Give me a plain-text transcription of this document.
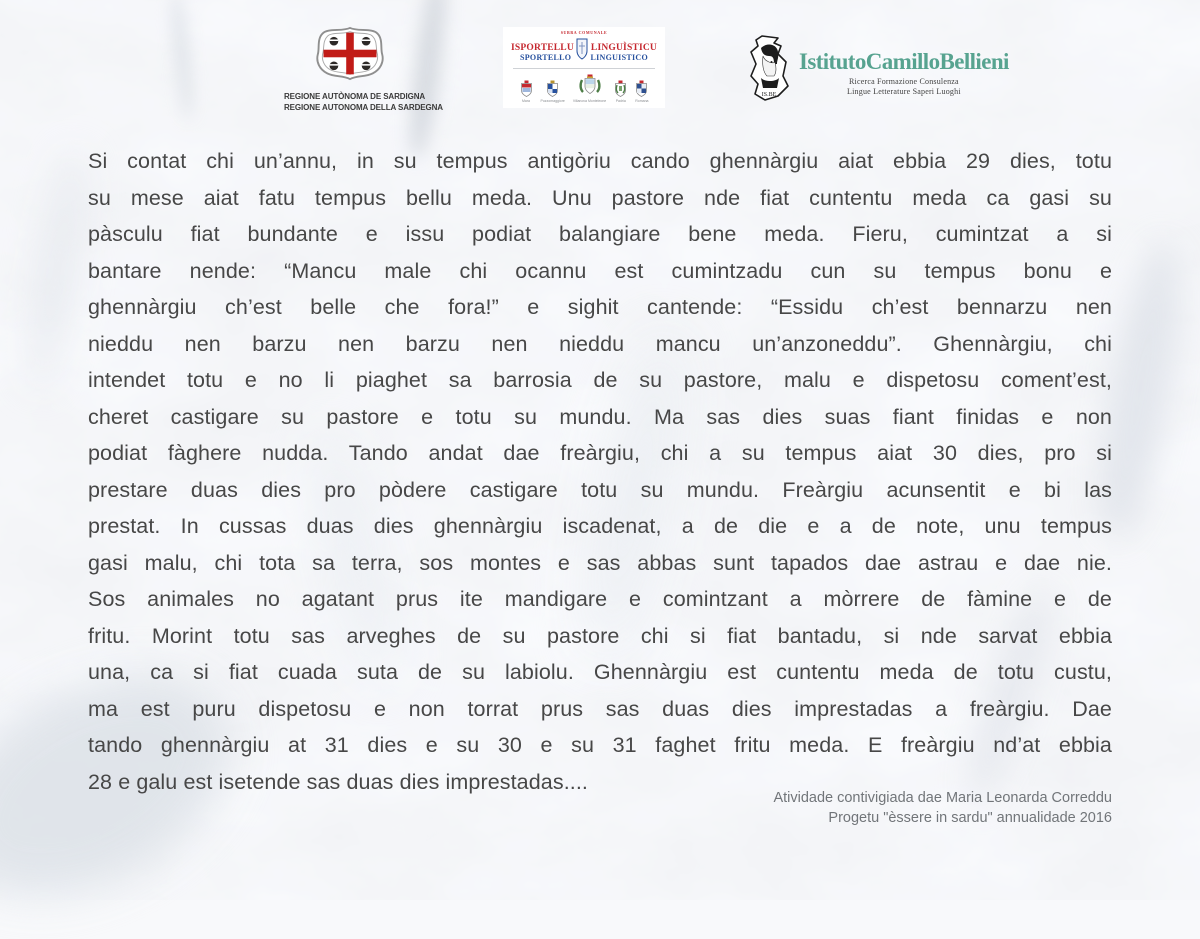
REGIONE AUTÒNOMA DE SARDIGNA
REGIONE AUTONOMA DELLA SARDEGNA
SUBRA COMUNALE
ISPORTELLU LINGUÌSTICU
SPORTELLO LINGUISTICO
Mara	Pozzomaggiore Villanova Monteleone	Padria	Romana
IS.BE
IstitutoCamilloBellieni
Ricerca Formazione Consulenza
Lingue Letterature Saperi Luoghi
Si contat chi un’annu, in su tempus antigòriu cando ghennàrgiu aiat ebbia 29 dies, totu
su mese aiat fatu tempus bellu meda. Unu pastore nde fiat cuntentu meda ca gasi su
pàsculu fiat bundante e issu podiat balangiare bene meda. Fieru, cumintzat a si
bantare nende: “Mancu male chi ocannu est cumintzadu cun su tempus bonu e
ghennàrgiu ch’est belle che fora!” e sighit cantende: “Essidu ch’est bennarzu nen
nieddu nen barzu nen barzu nen nieddu mancu un’anzoneddu”. Ghennàrgiu, chi
intendet totu e no li piaghet sa barrosia de su pastore, malu e dispetosu coment’est,
cheret castigare su pastore e totu su mundu. Ma sas dies suas fiant finidas e non
podiat fàghere nudda. Tando andat dae freàrgiu, chi a su tempus aiat 30 dies, pro si
prestare duas dies pro pòdere castigare totu su mundu. Freàrgiu acunsentit e bi las
prestat. In cussas duas dies ghennàrgiu iscadenat, a de die e a de note, unu tempus
gasi malu, chi tota sa terra, sos montes e sas abbas sunt tapados dae astrau e dae nie.
Sos animales no agatant prus ite mandigare e comintzant a mòrrere de fàmine e de
fritu. Morint totu sas arveghes de su pastore chi si fiat bantadu, si nde sarvat ebbia
una, ca si fiat cuada suta de su labiolu. Ghennàrgiu est cuntentu meda de totu custu,
ma est puru dispetosu e non torrat prus sas duas dies imprestadas a freàrgiu. Dae
tando ghennàrgiu at 31 dies e su 30 e su 31 faghet fritu meda. E freàrgiu nd’at ebbia
28 e galu est isetende sas duas dies imprestadas....
Atividade contivigiada dae Maria Leonarda Correddu
Progetu "èssere in sardu" annualidade 2016
